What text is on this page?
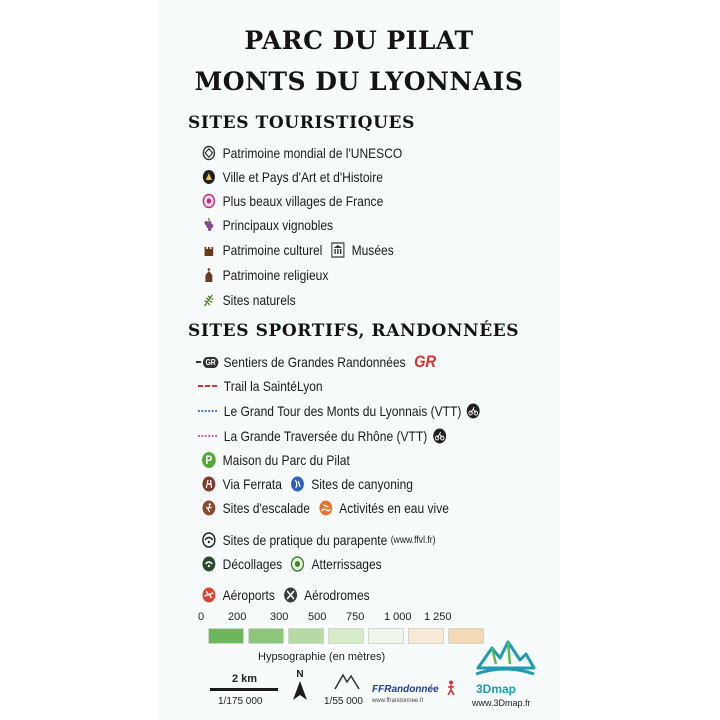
PARC DU PILAT
MONTS DU LYONNAIS
SITES TOURISTIQUES
Patrimoine mondial de l'UNESCO
Ville et Pays d'Art et d'Histoire
Plus beaux villages de France
Principaux vignobles
Patrimoine culturel Musées
Patrimoine religieux
Sites naturels
SITES SPORTIFS, RANDONNÉES
GR Sentiers de Grandes Randonnées GR
Trail la SaintéLyon
Le Grand Tour des Monts du Lyonnais (VTT)
La Grande Traversée du Rhône (VTT)
P Maison du Parc du Pilat
Via Ferrata Sites de canyoning
Sites d'escalade Activités en eau vive
Sites de pratique du parapente (www.ffvl.fr)
Décollages Atterrissages
Aéroports Aérodromes
0 200 300 500 750 1 000 1 250
Hypsographie (en mètres)
2 km
1/175 000
N
1/55 000
FFRandonnée
www.ffrandonnee.fr
3Dmap
www.3Dmap.fr
